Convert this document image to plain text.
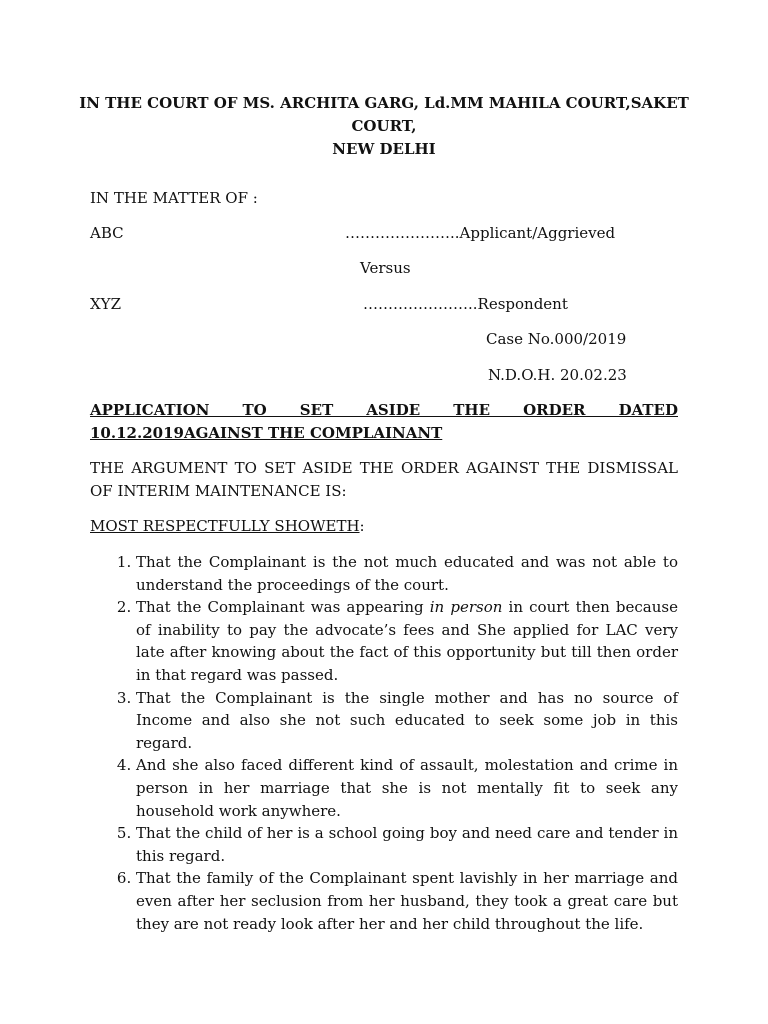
IN THE COURT OF MS. ARCHITA GARG, Ld.MM MAHILA COURT,SAKET COURT,
NEW DELHI
IN THE MATTER OF :
ABC	…………………..Applicant/Aggrieved
Versus
XYZ	…………………..Respondent
Case No.000/2019
N.D.O.H. 20.02.23
APPLICATION TO SET ASIDE THE ORDER DATED 10.12.2019AGAINST THE COMPLAINANT
THE ARGUMENT TO SET ASIDE THE ORDER AGAINST THE DISMISSAL OF INTERIM MAINTENANCE IS:
MOST RESPECTFULLY SHOWETH:
1. That the Complainant is the not much educated and was not able to understand the proceedings of the court.
2. That the Complainant was appearing in person in court then because of inability to pay the advocate’s fees and She applied for LAC very late after knowing about the fact of this opportunity but till then order in that regard was passed.
3. That the Complainant is the single mother and has no source of Income and also she not such educated to seek some job in this regard.
4. And she also faced different kind of assault, molestation and crime in person in her marriage that she is not mentally fit to seek any household work anywhere.
5. That the child of her is a school going boy and need care and tender in this regard.
6. That the family of the Complainant spent lavishly in her marriage and even after her seclusion from her husband, they took a great care but they are not ready look after her and her child throughout the life.
